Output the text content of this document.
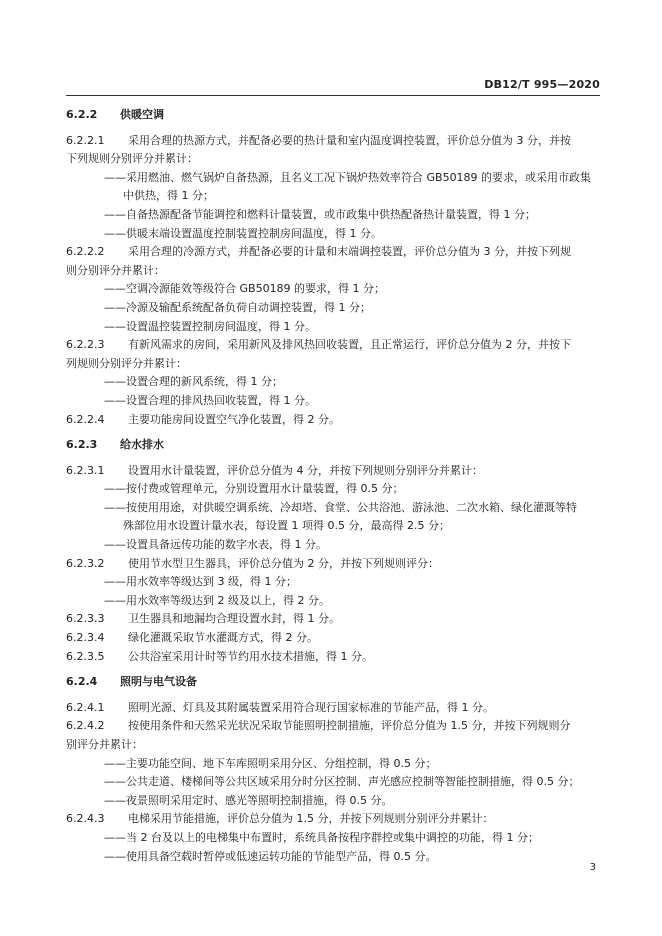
DB12/T 995—2020
6.2.2 供暖空调
6.2.2.1 采用合理的热源方式，并配备必要的热计量和室内温度调控装置，评价总分值为 3 分，并按
下列规则分别评分并累计：
——采用燃油、燃气锅炉自备热源，且名义工况下锅炉热效率符合 GB50189 的要求，或采用市政集
中供热，得 1 分；
——自备热源配备节能调控和燃料计量装置，或市政集中供热配备热计量装置，得 1 分；
——供暖末端设置温度控制装置控制房间温度，得 1 分。
6.2.2.2 采用合理的冷源方式，并配备必要的计量和末端调控装置，评价总分值为 3 分，并按下列规
则分别评分并累计：
——空调冷源能效等级符合 GB50189 的要求，得 1 分；
——冷源及输配系统配备负荷自动调控装置，得 1 分；
——设置温控装置控制房间温度，得 1 分。
6.2.2.3 有新风需求的房间，采用新风及排风热回收装置，且正常运行，评价总分值为 2 分，并按下
列规则分别评分并累计：
——设置合理的新风系统，得 1 分；
——设置合理的排风热回收装置，得 1 分。
6.2.2.4 主要功能房间设置空气净化装置，得 2 分。
6.2.3 给水排水
6.2.3.1 设置用水计量装置，评价总分值为 4 分，并按下列规则分别评分并累计：
——按付费或管理单元，分别设置用水计量装置，得 0.5 分；
——按使用用途，对供暖空调系统、冷却塔、食堂、公共浴池、游泳池、二次水箱、绿化灌溉等特
殊部位用水设置计量水表，每设置 1 项得 0.5 分，最高得 2.5 分；
——设置具备远传功能的数字水表，得 1 分。
6.2.3.2 使用节水型卫生器具，评价总分值为 2 分，并按下列规则评分：
——用水效率等级达到 3 级，得 1 分；
——用水效率等级达到 2 级及以上，得 2 分。
6.2.3.3 卫生器具和地漏均合理设置水封，得 1 分。
6.2.3.4 绿化灌溉采取节水灌溉方式，得 2 分。
6.2.3.5 公共浴室采用计时等节约用水技术措施，得 1 分。
6.2.4 照明与电气设备
6.2.4.1 照明光源、灯具及其附属装置采用符合现行国家标准的节能产品，得 1 分。
6.2.4.2 按使用条件和天然采光状况采取节能照明控制措施，评价总分值为 1.5 分，并按下列规则分
别评分并累计：
——主要功能空间、地下车库照明采用分区、分组控制，得 0.5 分；
——公共走道、楼梯间等公共区域采用分时分区控制、声光感应控制等智能控制措施，得 0.5 分；
——夜景照明采用定时、感光等照明控制措施，得 0.5 分。
6.2.4.3 电梯采用节能措施，评价总分值为 1.5 分，并按下列规则分别评分并累计：
——当 2 台及以上的电梯集中布置时，系统具备按程序群控或集中调控的功能，得 1 分；
——使用具备空载时暂停或低速运转功能的节能型产品，得 0.5 分。
3
